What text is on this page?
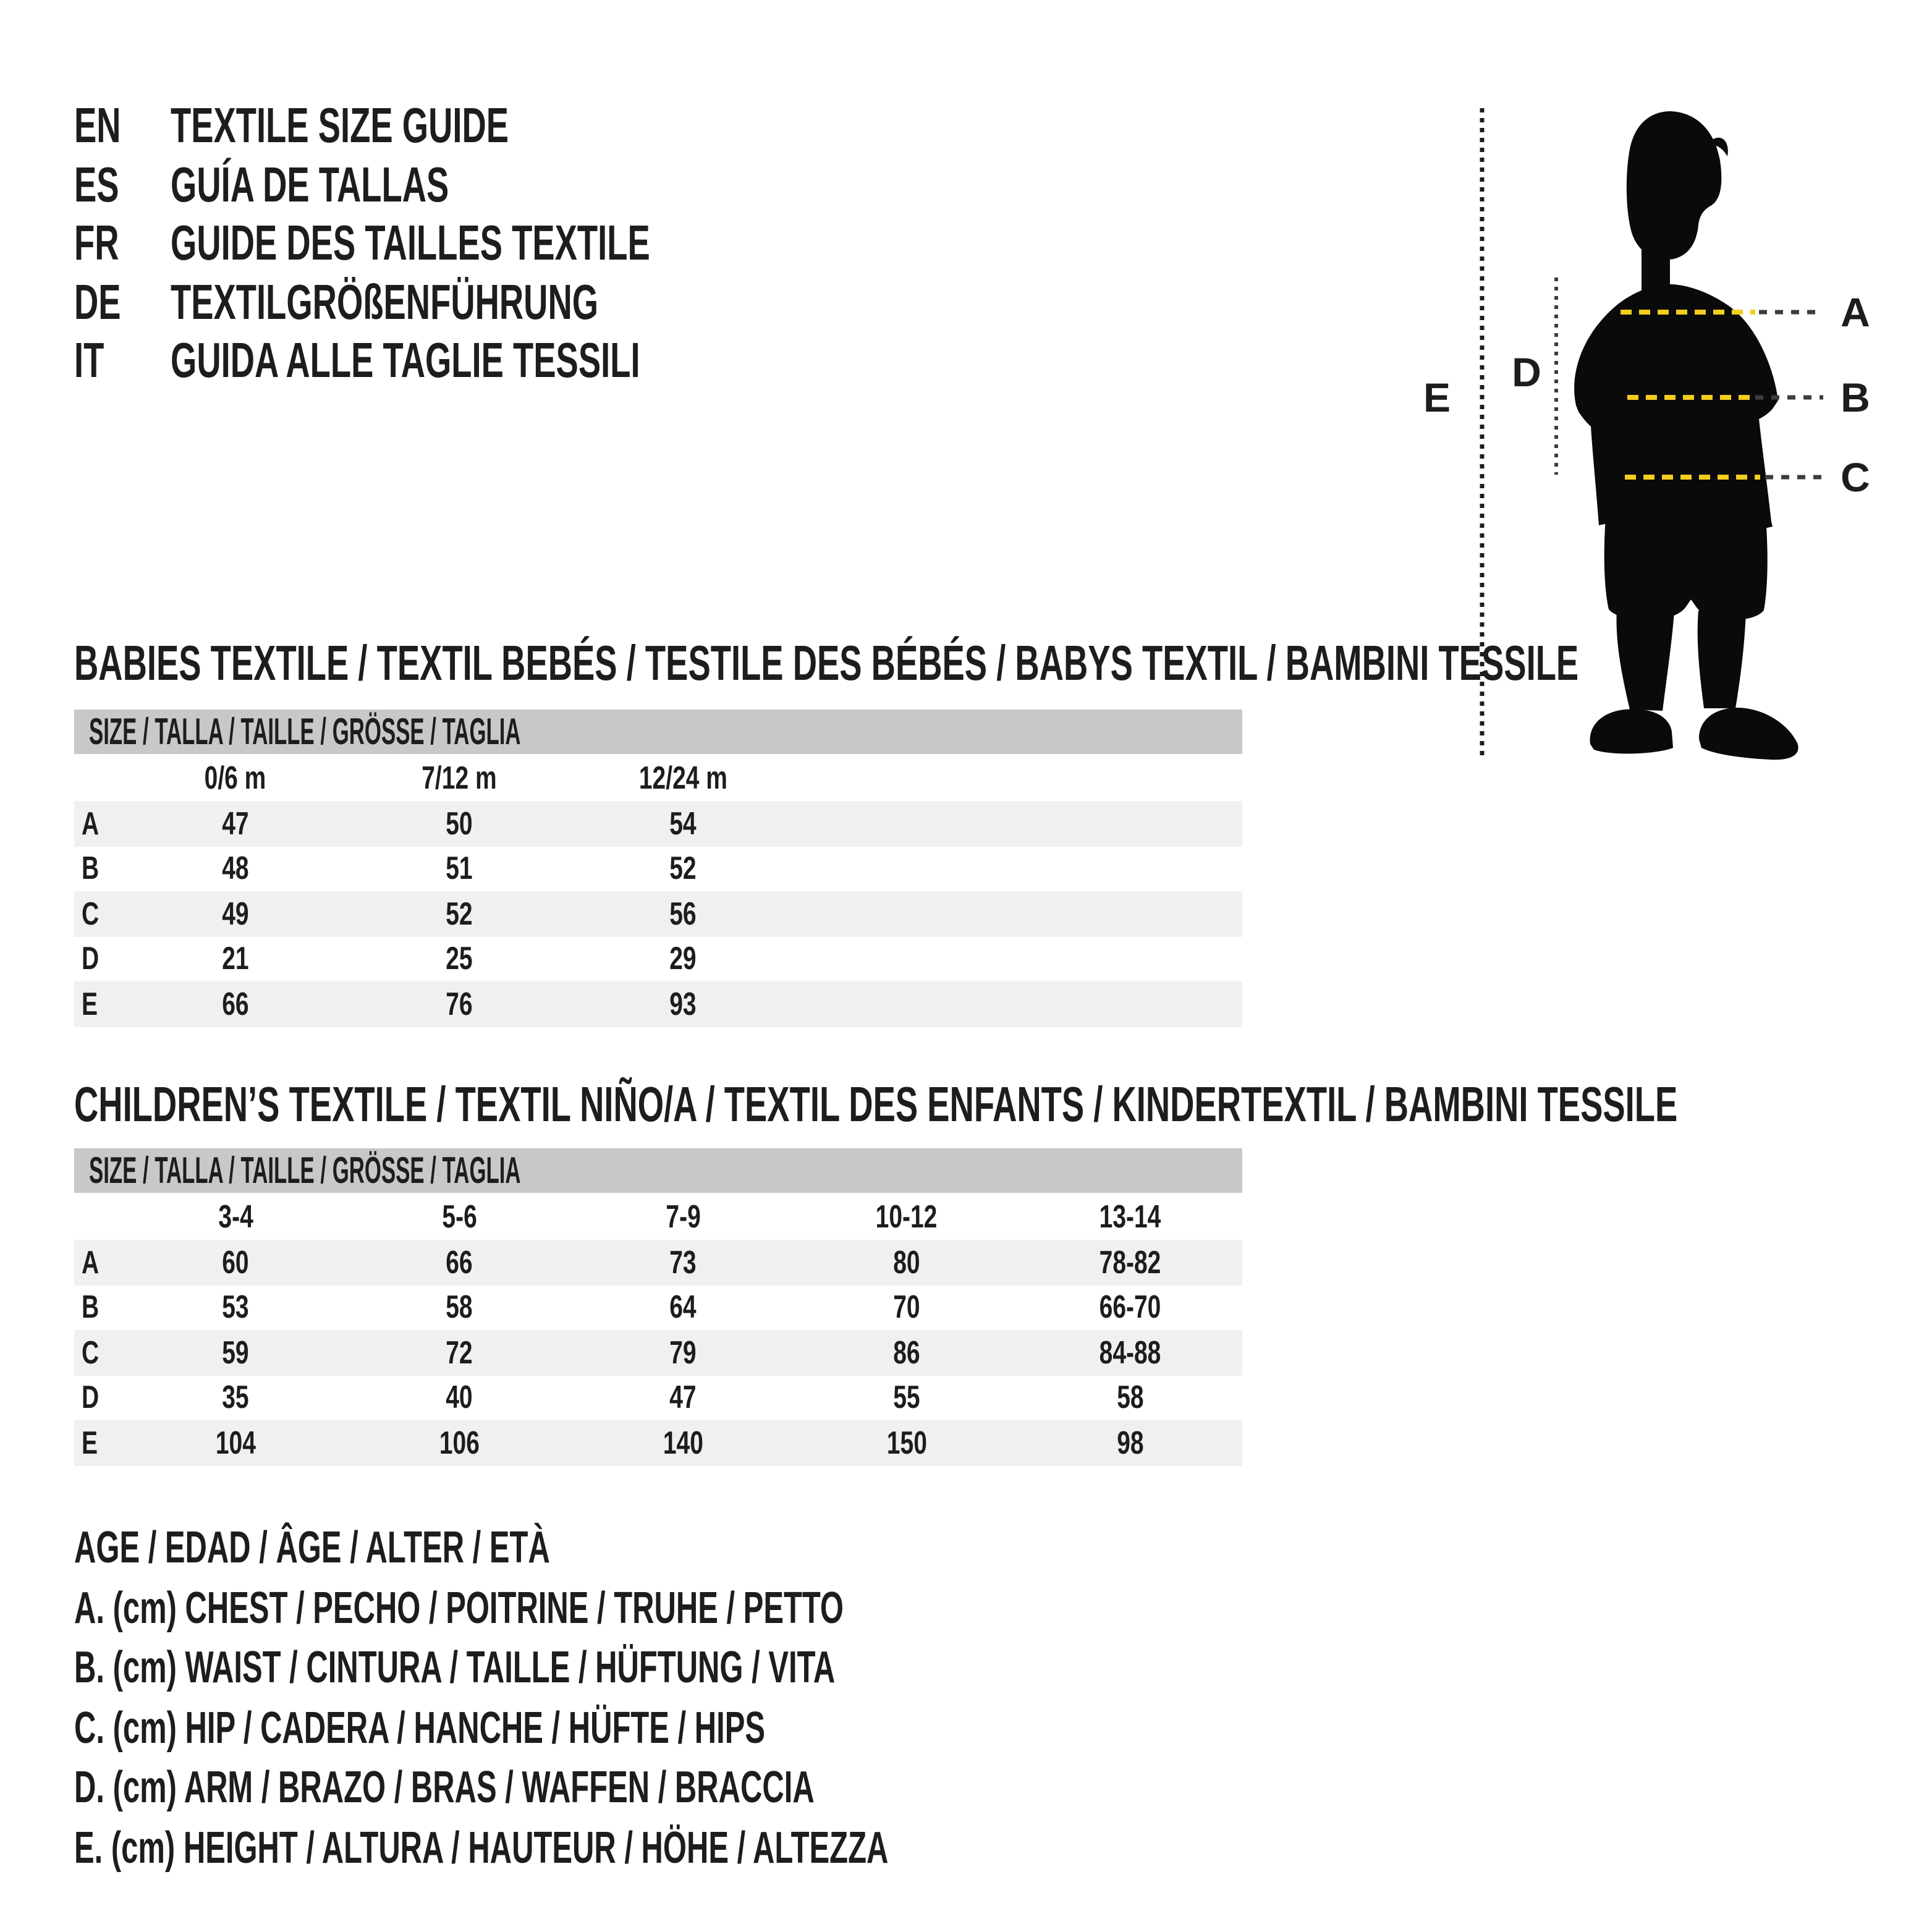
EN	TEXTILE SIZE GUIDE
ES	GUÍA DE TALLAS
FR	GUIDE DES TAILLES TEXTILE
DE	TEXTILGRÖßENFÜHRUNG
IT	GUIDA ALLE TAGLIE TESSILI
E
D
A
B
C
BABIES TEXTILE / TEXTIL BEBÉS / TESTILE DES BÉBÉS / BABYS TEXTIL / BAMBINI TESSILE
SIZE / TALLA / TAILLE / GRÖSSE / TAGLIA
	0/6 m	7/12 m	12/24 m	
A	47	50	54	
B	48	51	52	
C	49	52	56	
D	21	25	29	
E	66	76	93	
CHILDREN’S TEXTILE / TEXTIL NIÑO/A / TEXTIL DES ENFANTS / KINDERTEXTIL / BAMBINI TESSILE
SIZE / TALLA / TAILLE / GRÖSSE / TAGLIA
	3-4	5-6	7-9	10-12	13-14
A	60	66	73	80	78-82
B	53	58	64	70	66-70
C	59	72	79	86	84-88
D	35	40	47	55	58
E	104	106	140	150	98
AGE / EDAD / ÂGE / ALTER / ETÀ
A. (cm) CHEST / PECHO / POITRINE / TRUHE / PETTO
B. (cm) WAIST / CINTURA / TAILLE / HÜFTUNG / VITA
C. (cm) HIP / CADERA / HANCHE / HÜFTE / HIPS
D. (cm) ARM / BRAZO / BRAS / WAFFEN / BRACCIA
E. (cm) HEIGHT / ALTURA / HAUTEUR / HÖHE / ALTEZZA
